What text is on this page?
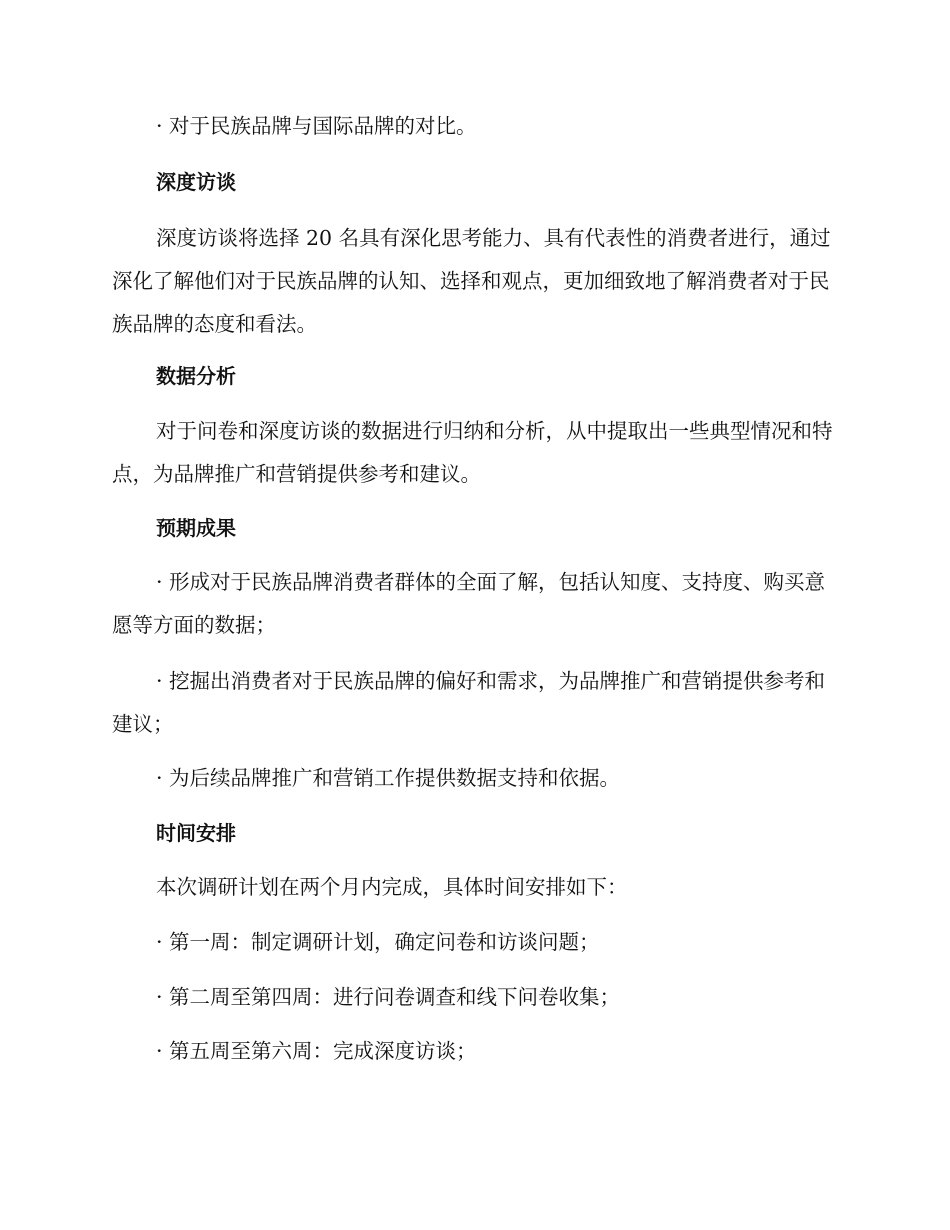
· 对于民族品牌与国际品牌的对比。

深度访谈

深度访谈将选择 20 名具有深化思考能力、具有代表性的消费者进行，通过深化了解他们对于民族品牌的认知、选择和观点，更加细致地了解消费者对于民族品牌的态度和看法。

数据分析

对于问卷和深度访谈的数据进行归纳和分析，从中提取出一些典型情况和特点，为品牌推广和营销提供参考和建议。

预期成果

· 形成对于民族品牌消费者群体的全面了解，包括认知度、支持度、购买意愿等方面的数据；

· 挖掘出消费者对于民族品牌的偏好和需求，为品牌推广和营销提供参考和建议；

· 为后续品牌推广和营销工作提供数据支持和依据。

时间安排

本次调研计划在两个月内完成，具体时间安排如下：

· 第一周：制定调研计划，确定问卷和访谈问题；

· 第二周至第四周：进行问卷调查和线下问卷收集；

· 第五周至第六周：完成深度访谈；
